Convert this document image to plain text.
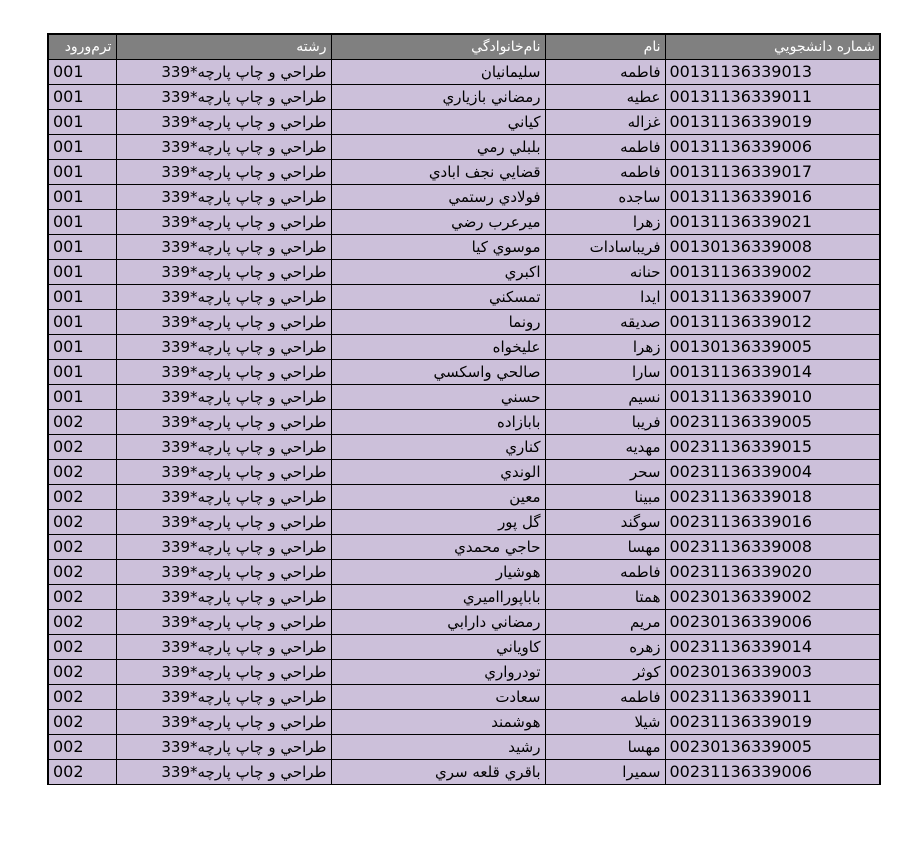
شماره دانشجويي	نام	نام‌خانوادگي	رشته	ترم‌ورود
00131136339013	فاطمه	سليمانيان	طراحي و چاپ پارچه*339	001
00131136339011	عطيه	رمضاني بازياري	طراحي و چاپ پارچه*339	001
00131136339019	غزاله	كياني	طراحي و چاپ پارچه*339	001
00131136339006	فاطمه	بلبلي رمي	طراحي و چاپ پارچه*339	001
00131136339017	فاطمه	قضايي نجف ابادي	طراحي و چاپ پارچه*339	001
00131136339016	ساجده	فولادي رستمي	طراحي و چاپ پارچه*339	001
00131136339021	زهرا	ميرعرب رضي	طراحي و چاپ پارچه*339	001
00130136339008	فريباسادات	موسوي كيا	طراحي و چاپ پارچه*339	001
00131136339002	حنانه	اكبري	طراحي و چاپ پارچه*339	001
00131136339007	ايدا	تمسكني	طراحي و چاپ پارچه*339	001
00131136339012	صديقه	رونما	طراحي و چاپ پارچه*339	001
00130136339005	زهرا	عليخواه	طراحي و چاپ پارچه*339	001
00131136339014	سارا	صالحي واسكسي	طراحي و چاپ پارچه*339	001
00131136339010	نسيم	حسني	طراحي و چاپ پارچه*339	001
00231136339005	فريبا	بابازاده	طراحي و چاپ پارچه*339	002
00231136339015	مهديه	كناري	طراحي و چاپ پارچه*339	002
00231136339004	سحر	الوندي	طراحي و چاپ پارچه*339	002
00231136339018	مبينا	معين	طراحي و چاپ پارچه*339	002
00231136339016	سوگند	گل پور	طراحي و چاپ پارچه*339	002
00231136339008	مهسا	حاجي محمدي	طراحي و چاپ پارچه*339	002
00231136339020	فاطمه	هوشيار	طراحي و چاپ پارچه*339	002
00230136339002	همتا	باباپورااميري	طراحي و چاپ پارچه*339	002
00230136339006	مريم	رمضاني دارابي	طراحي و چاپ پارچه*339	002
00231136339014	زهره	كاوياني	طراحي و چاپ پارچه*339	002
00230136339003	كوثر	تودرواري	طراحي و چاپ پارچه*339	002
00231136339011	فاطمه	سعادت	طراحي و چاپ پارچه*339	002
00231136339019	شيلا	هوشمند	طراحي و چاپ پارچه*339	002
00230136339005	مهسا	رشيد	طراحي و چاپ پارچه*339	002
00231136339006	سميرا	باقري قلعه سري	طراحي و چاپ پارچه*339	002
